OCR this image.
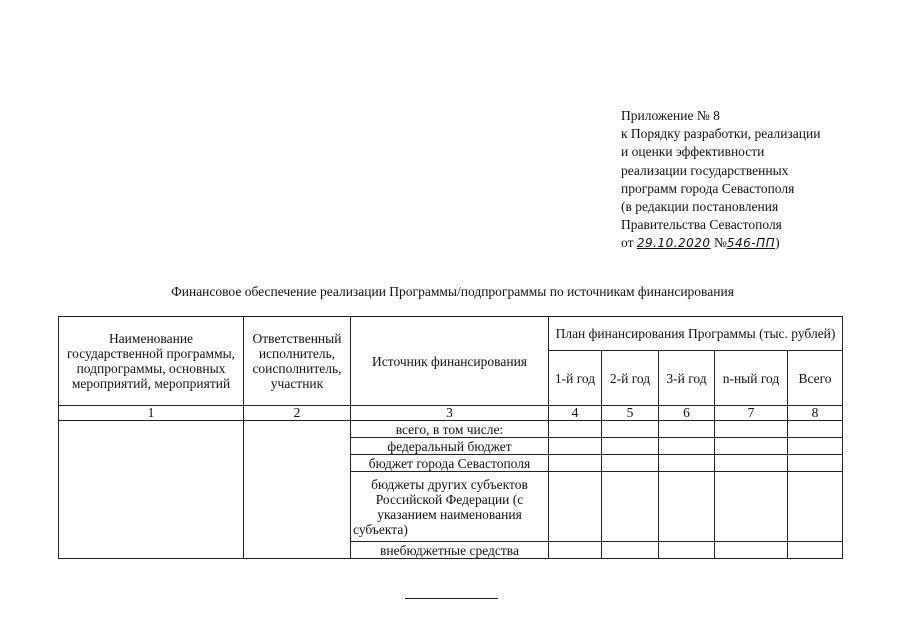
Приложение № 8
к Порядку разработки, реализации
и оценки эффективности
реализации государственных
программ города Севастополя
(в редакции постановления
Правительства Севастополя
от 29.10.2020 №546-ПП)
Финансовое обеспечение реализации Программы/подпрограммы по источникам финансирования
Наименование государственной программы, подпрограммы, основных мероприятий, мероприятий	Ответственный исполнитель, соисполнитель, участник	Источник финансирования	План финансирования Программы (тыс. рублей)				
			1-й год	2-й год	3-й год	n-ный год	Всего
1	2	3	4	5	6	7	8
		всего, в том числе:					
		федеральный бюджет					
		бюджет города Севастополя					
		бюджеты других субъектов Российской Федерации (с указанием наименования субъекта)					
		внебюджетные средства					
